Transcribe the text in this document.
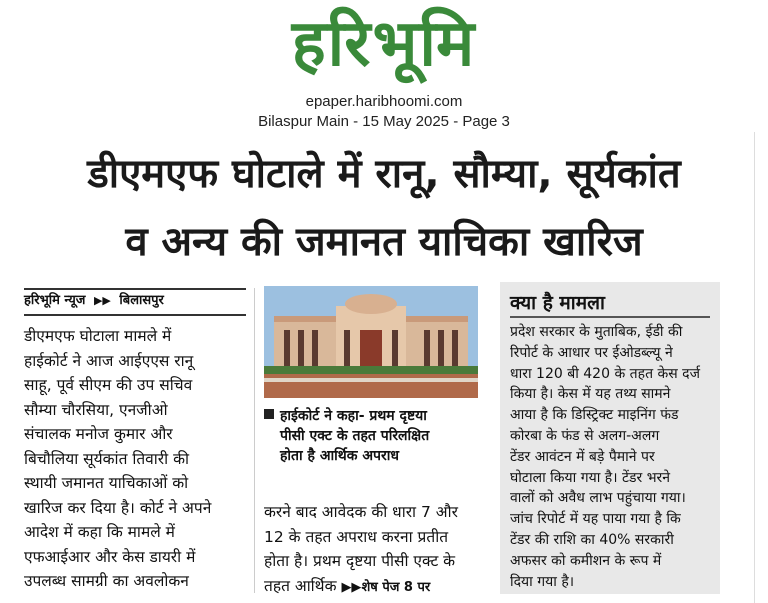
हरिभूमि
epaper.haribhoomi.com
Bilaspur Main - 15 May 2025 - Page 3
डीएमएफ घोटाले में रानू, सौम्या, सूर्यकांत
व अन्य की जमानत याचिका खारिज
हरिभूमि न्यूज ▶▶ बिलासपुर

डीएमएफ घोटाला मामले में

हाईकोर्ट ने आज आईएएस रानू

साहू, पूर्व सीएम की उप सचिव

सौम्या चौरसिया, एनजीओ

संचालक मनोज कुमार और

बिचौलिया सूर्यकांत तिवारी की

स्थायी जमानत याचिकाओं को

खारिज कर दिया है। कोर्ट ने अपने

आदेश में कहा कि मामले में

एफआईआर और केस डायरी में

उपलब्ध सामग्री का अवलोकन

हाईकोर्ट ने कहा- प्रथम दृष्टया
पीसी एक्ट के तहत परिलक्षित
होता है आर्थिक अपराध
करने बाद आवेदक की धारा 7 और
12 के तहत अपराध करना प्रतीत
होता है। प्रथम दृष्टया पीसी एक्ट के
तहत आर्थिक ▶▶शेष पेज 8 पर
क्या है मामला

प्रदेश सरकार के मुताबिक, ईडी की

रिपोर्ट के आधार पर ईओडब्ल्यू ने

धारा 120 बी 420 के तहत केस दर्ज

किया है। केस में यह तथ्य सामने

आया है कि डिस्ट्रिक्ट माइनिंग फंड

कोरबा के फंड से अलग-अलग

टेंडर आवंटन में बड़े पैमाने पर

घोटाला किया गया है। टेंडर भरने

वालों को अवैध लाभ पहुंचाया गया।

जांच रिपोर्ट में यह पाया गया है कि

टेंडर की राशि का 40% सरकारी

अफसर को कमीशन के रूप में

दिया गया है।
